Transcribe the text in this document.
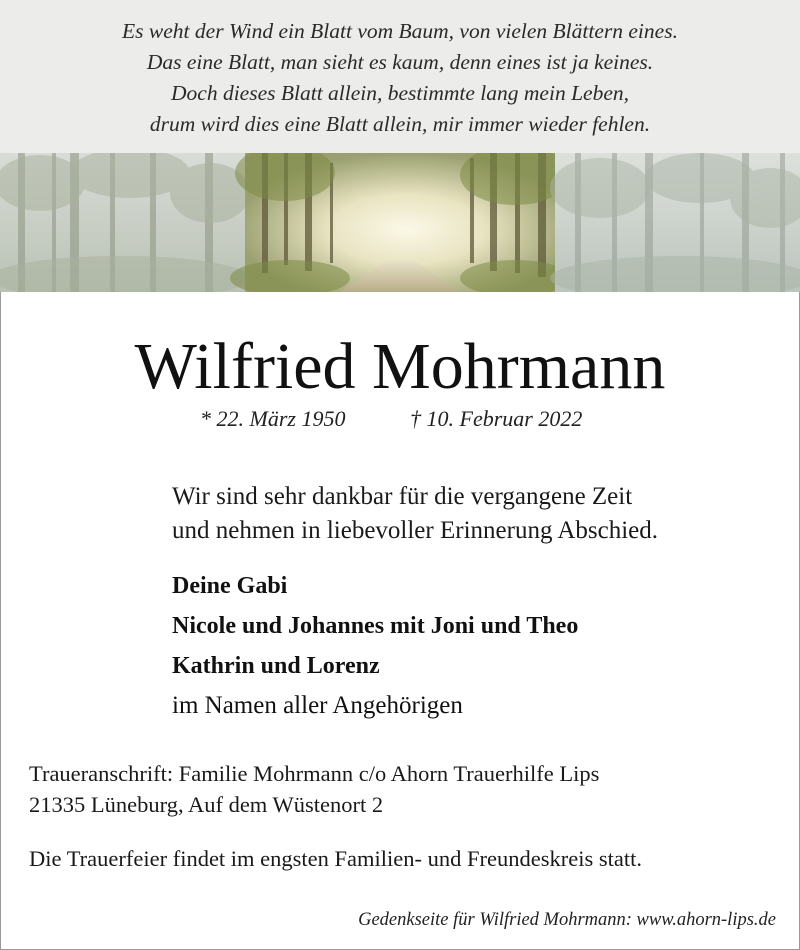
Es weht der Wind ein Blatt vom Baum, von vielen Blättern eines.
Das eine Blatt, man sieht es kaum, denn eines ist ja keines.
Doch dieses Blatt allein, bestimmte lang mein Leben,
drum wird dies eine Blatt allein, mir immer wieder fehlen.
Wilfried Mohrmann
* 22. März 1950	† 10. Februar 2022
Wir sind sehr dankbar für die vergangene Zeit
und nehmen in liebevoller Erinnerung Abschied.
Deine Gabi
Nicole und Johannes mit Joni und Theo
Kathrin und Lorenz
im Namen aller Angehörigen
Traueranschrift: Familie Mohrmann c/o Ahorn Trauerhilfe Lips
21335 Lüneburg, Auf dem Wüstenort 2
Die Trauerfeier findet im engsten Familien- und Freundeskreis statt.
Gedenkseite für Wilfried Mohrmann: www.ahorn-lips.de
